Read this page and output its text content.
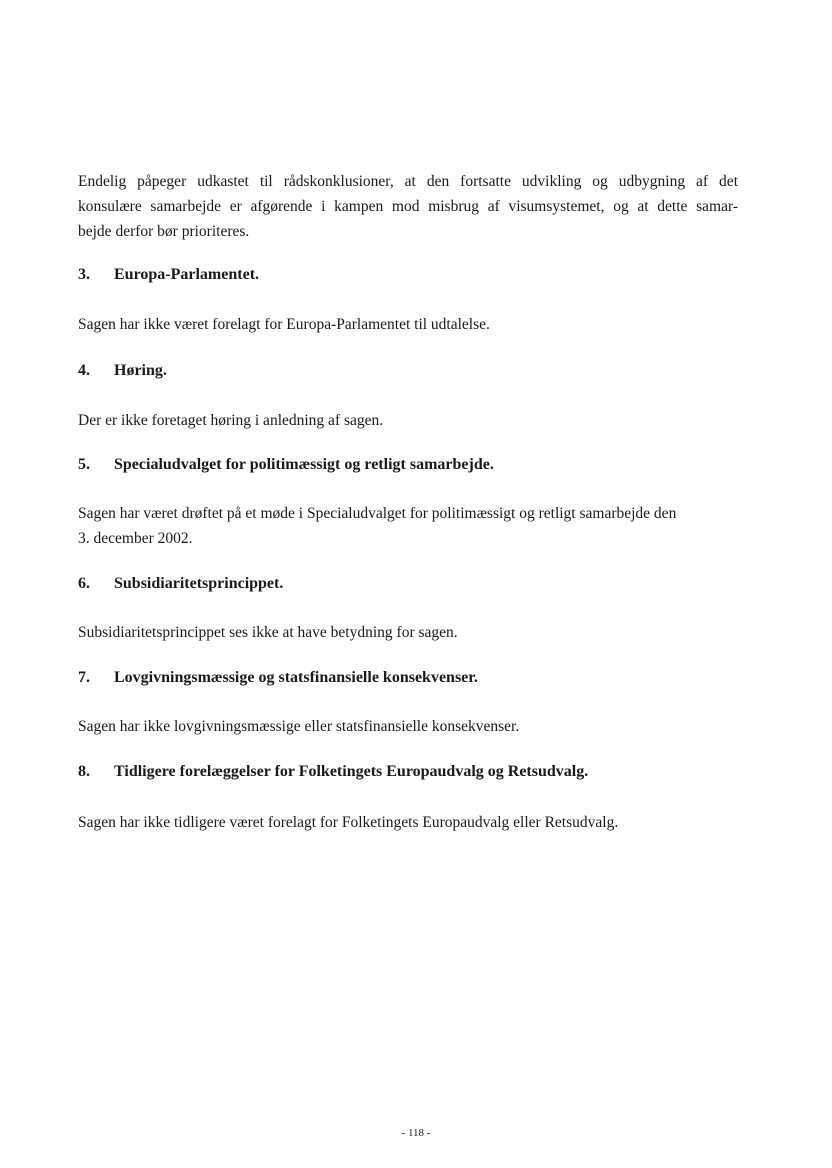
Endelig påpeger udkastet til rådskonklusioner, at den fortsatte udvikling og udbygning af det
konsulære samarbejde er afgørende i kampen mod misbrug af visumsystemet, og at dette samar-
bejde derfor bør prioriteres.
3. Europa-Parlamentet.
Sagen har ikke været forelagt for Europa-Parlamentet til udtalelse.
4. Høring.
Der er ikke foretaget høring i anledning af sagen.
5. Specialudvalget for politimæssigt og retligt samarbejde.
Sagen har været drøftet på et møde i Specialudvalget for politimæssigt og retligt samarbejde den
3. december 2002.
6. Subsidiaritetsprincippet.
Subsidiaritetsprincippet ses ikke at have betydning for sagen.
7. Lovgivningsmæssige og statsfinansielle konsekvenser.
Sagen har ikke lovgivningsmæssige eller statsfinansielle konsekvenser.
8. Tidligere forelæggelser for Folketingets Europaudvalg og Retsudvalg.
Sagen har ikke tidligere været forelagt for Folketingets Europaudvalg eller Retsudvalg.
- 118 -
